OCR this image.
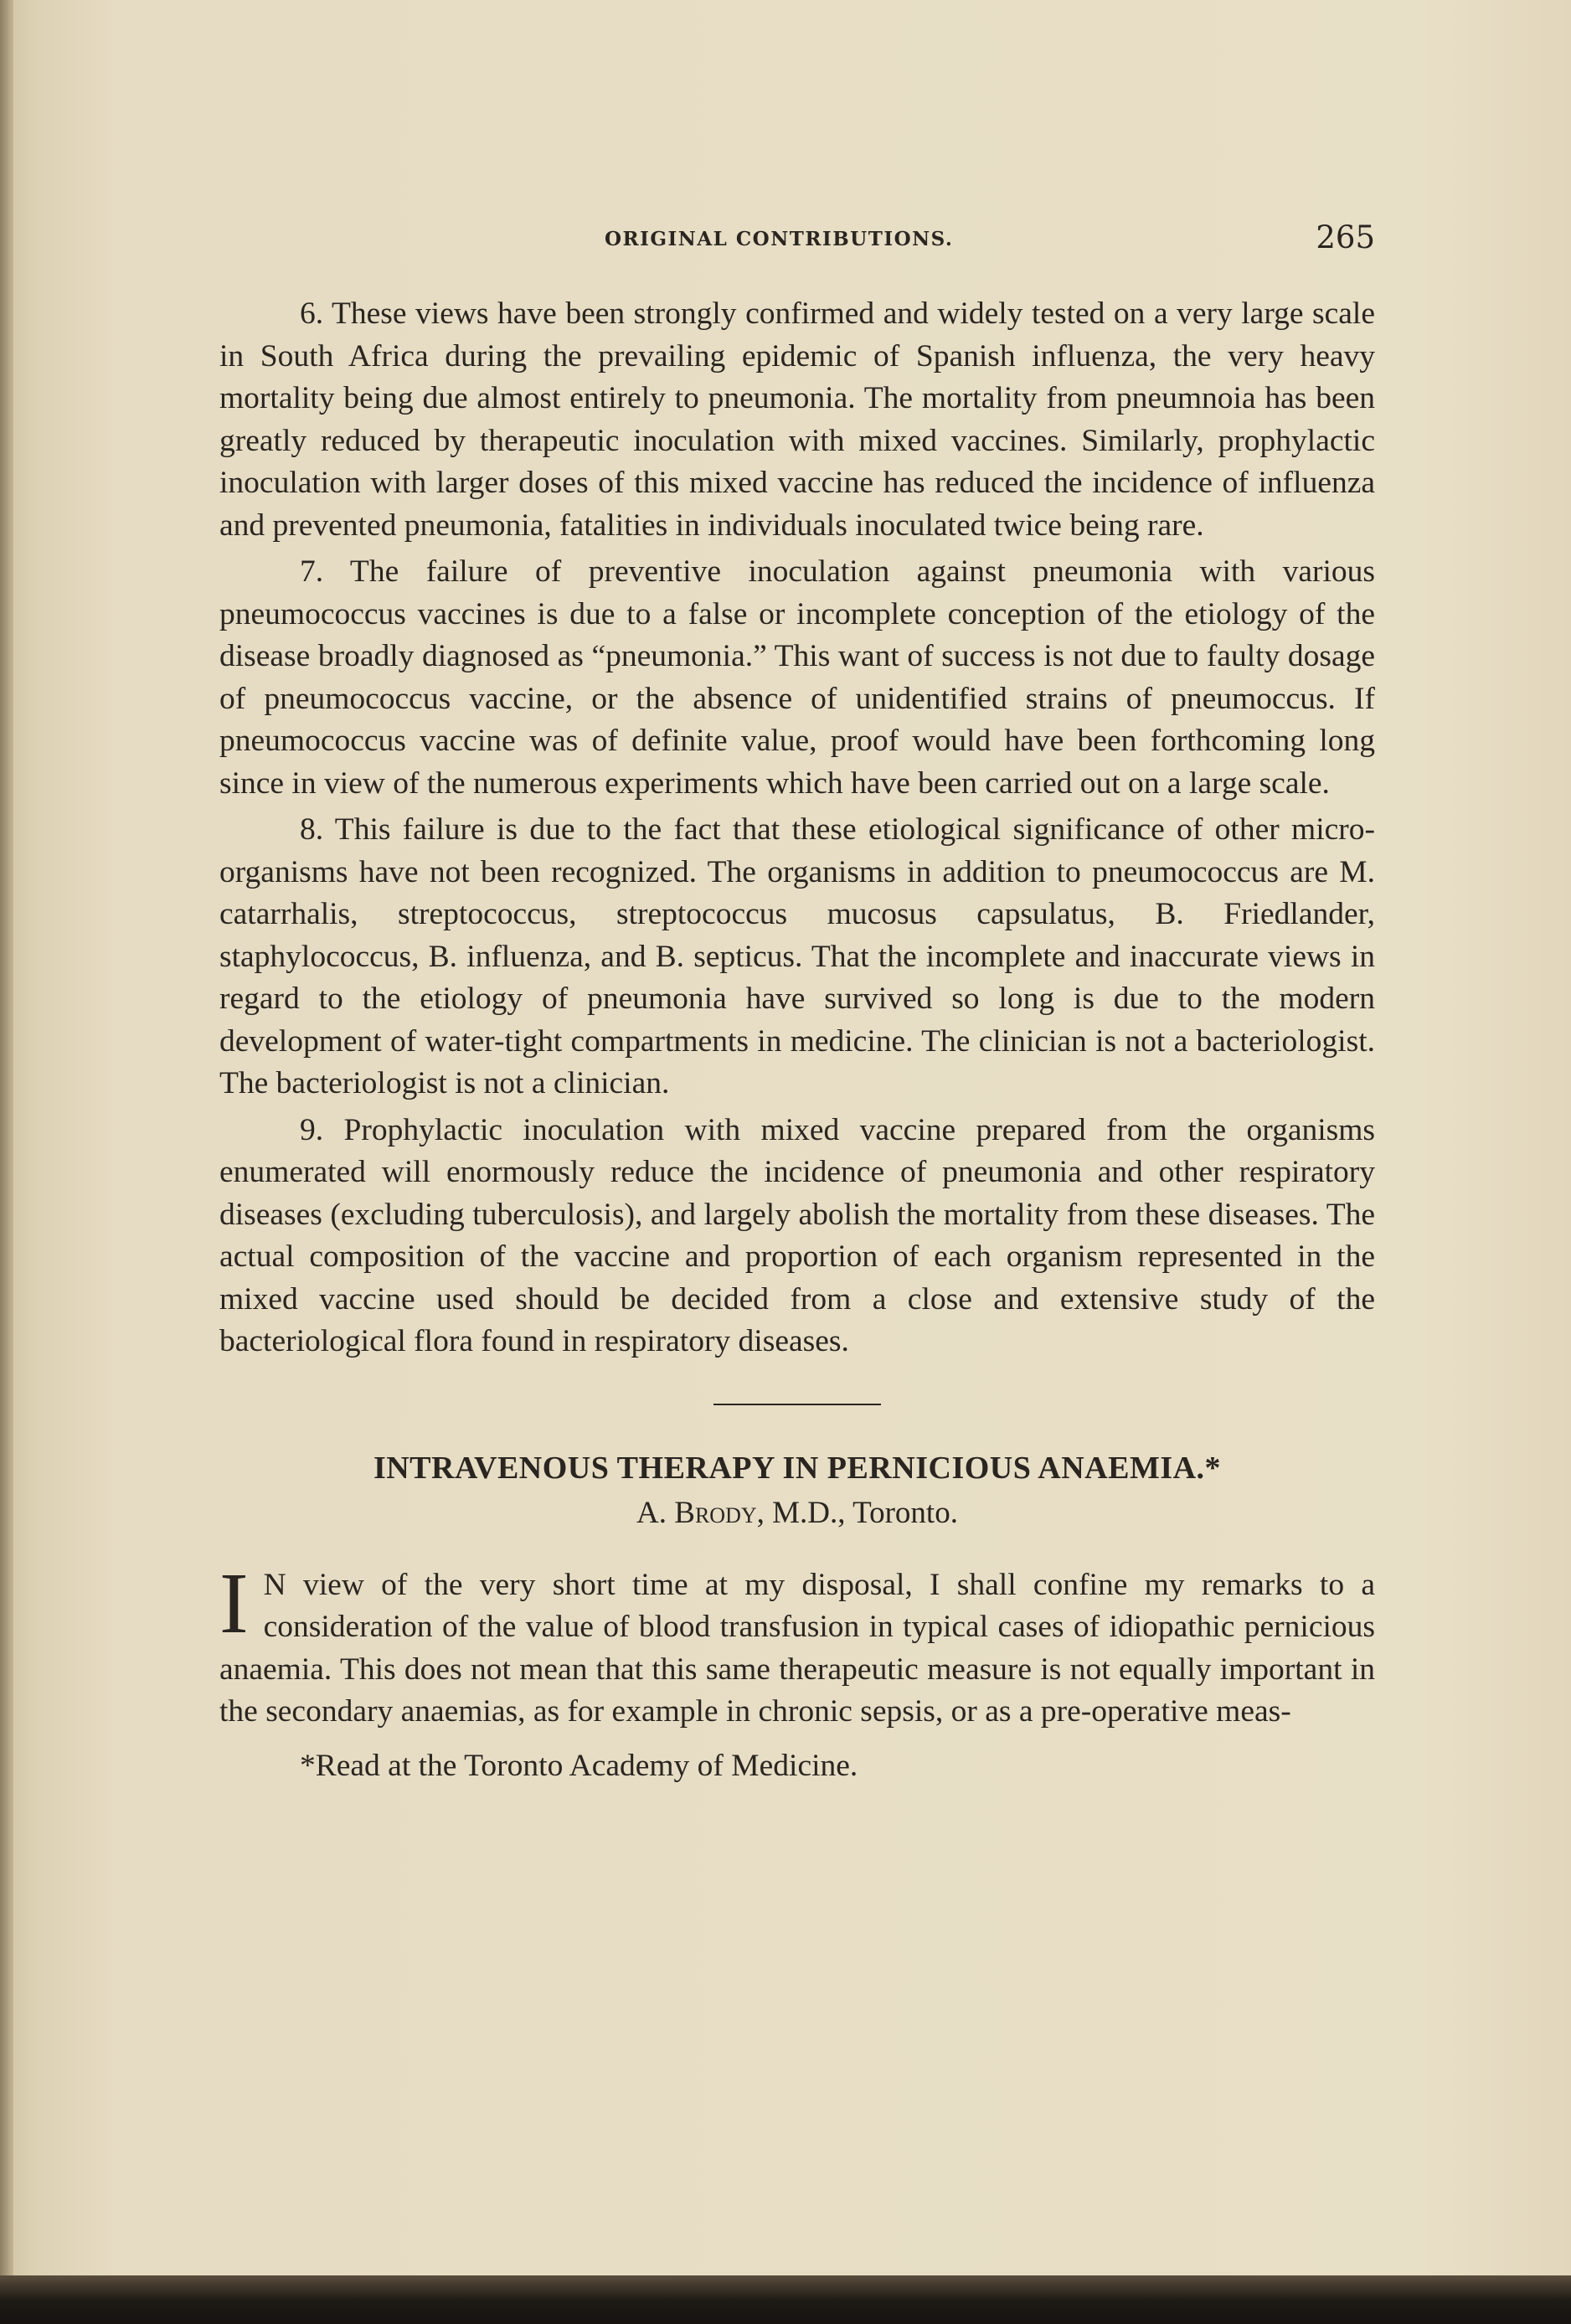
ORIGINAL CONTRIBUTIONS.	265

6. These views have been strongly confirmed and widely tested on a very large scale in South Africa during the prevailing epidemic of Spanish influenza, the very heavy mortality being due almost entirely to pneumonia. The mortality from pneumnoia has been greatly reduced by therapeutic inoculation with mixed vaccines. Similarly, prophylactic inoculation with larger doses of this mixed vaccine has reduced the incidence of influenza and prevented pneumonia, fatalities in individuals inoculated twice being rare.

7. The failure of preventive inoculation against pneumonia with various pneumococcus vaccines is due to a false or incomplete conception of the etiology of the disease broadly diagnosed as “pneumonia.” This want of success is not due to faulty dosage of pneumococcus vaccine, or the absence of unidentified strains of pneumoccus. If pneumococcus vaccine was of definite value, proof would have been forthcoming long since in view of the numerous experiments which have been carried out on a large scale.

8. This failure is due to the fact that these etiological significance of other micro-organisms have not been recognized. The organisms in addition to pneumococcus are M. catarrhalis, streptococcus, streptococcus mucosus capsulatus, B. Friedlander, staphylococcus, B. influenza, and B. septicus. That the incomplete and inaccurate views in regard to the etiology of pneumonia have survived so long is due to the modern development of water-tight compartments in medicine. The clinician is not a bacteriologist. The bacteriologist is not a clinician.

9. Prophylactic inoculation with mixed vaccine prepared from the organisms enumerated will enormously reduce the incidence of pneumonia and other respiratory diseases (excluding tuberculosis), and largely abolish the mortality from these diseases. The actual composition of the vaccine and proportion of each organism represented in the mixed vaccine used should be decided from a close and extensive study of the bacteriological flora found in respiratory diseases.

INTRAVENOUS THERAPY IN PERNICIOUS ANAEMIA.*

A. Brody, M.D., Toronto.

I N view of the very short time at my disposal, I shall confine my remarks to a consideration of the value of blood transfusion in typical cases of idiopathic pernicious anaemia. This does not mean that this same therapeutic measure is not equally important in the secondary anaemias, as for example in chronic sepsis, or as a pre-operative meas-

*Read at the Toronto Academy of Medicine.
